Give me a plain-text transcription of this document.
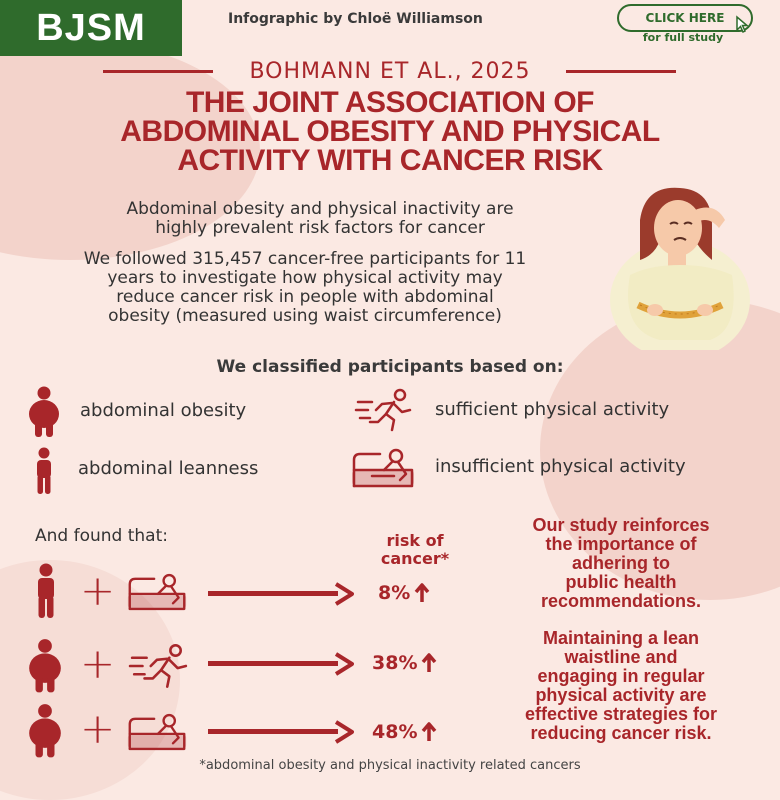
BJSM	Infographic by Chloë Williamson	CLICK HERE
for full study
BOHMANN ET AL., 2025
THE JOINT ASSOCIATION OF
ABDOMINAL OBESITY AND PHYSICAL
ACTIVITY WITH CANCER RISK
Abdominal obesity and physical inactivity are
highly prevalent risk factors for cancer
We followed 315,457 cancer-free participants for 11
years to investigate how physical activity may
reduce cancer risk in people with abdominal
obesity (measured using waist circumference)
We classified participants based on:
abdominal obesity
abdominal leanness
sufficient physical activity
insufficient physical activity
And found that:	risk of
cancer*
+	8%
+	38%
+	48%
Our study reinforces
the importance of
adhering to
public health
recommendations.
Maintaining a lean
waistline and
engaging in regular
physical activity are
effective strategies for
reducing cancer risk.
*abdominal obesity and physical inactivity related cancers
